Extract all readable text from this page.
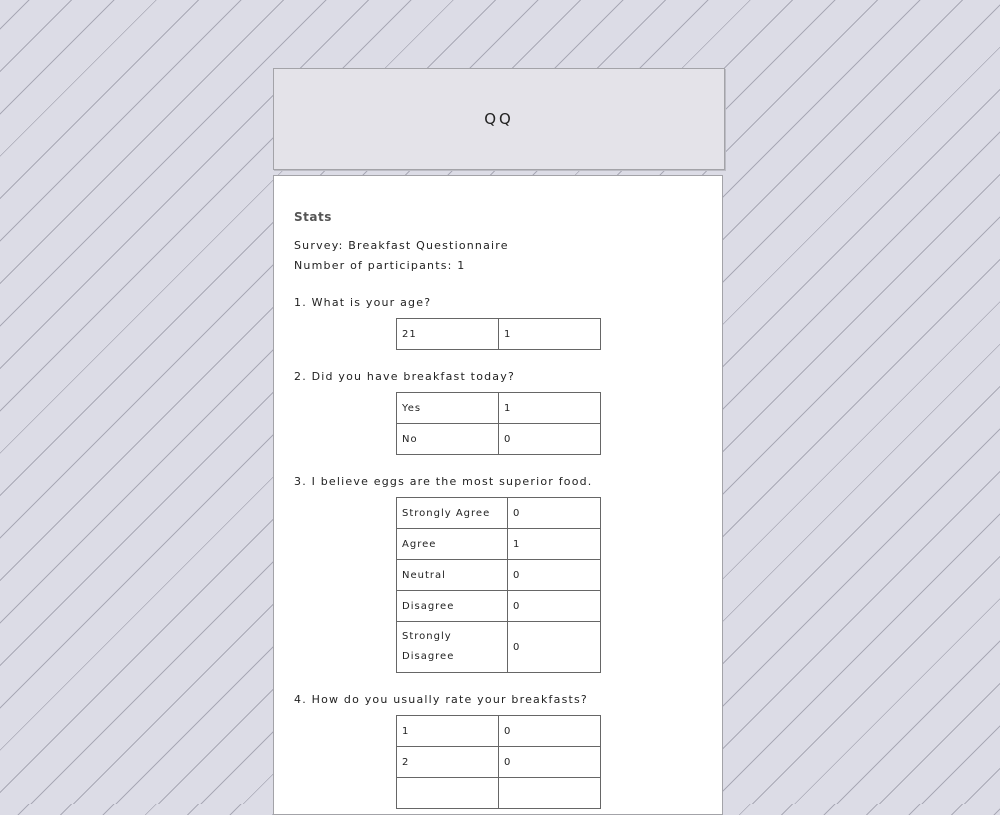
QQ
Stats
Survey: Breakfast Questionnaire
Number of participants: 1
1. What is your age?
21	1
2. Did you have breakfast today?
Yes	1
No	0
3. I believe eggs are the most superior food.
Strongly Agree	0
Agree	1
Neutral	0
Disagree	0
Strongly Disagree	0
4. How do you usually rate your breakfasts?
1	0
2	0
